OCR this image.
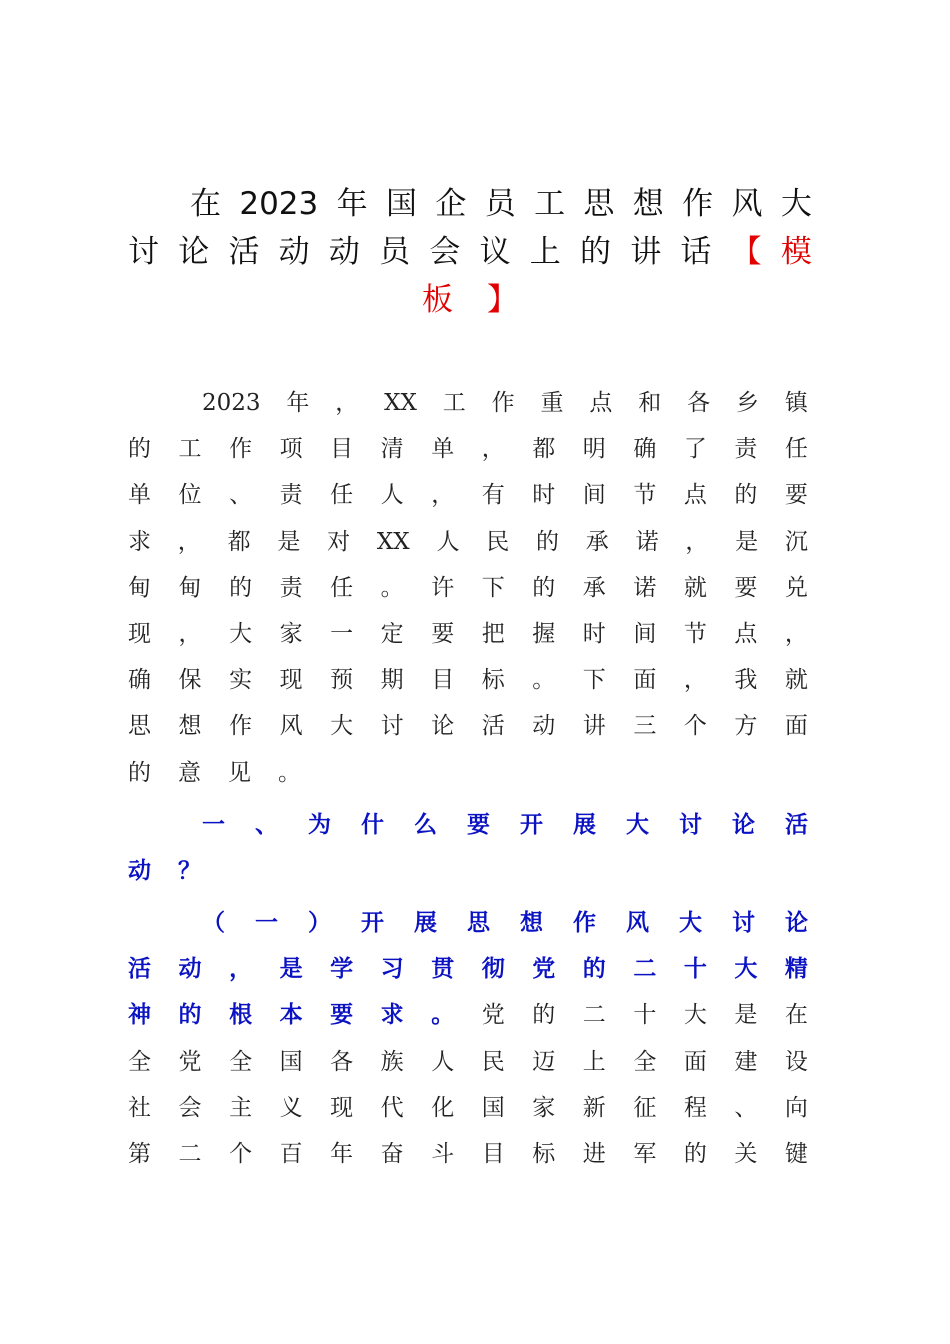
在 2023 年 国 企 员 工 思 想 作 风 大
讨 论 活 动 动 员 会 议 上 的 讲 话 【 模
板 】
2023 年 ， XX 工 作 重 点 和 各 乡 镇
的 工 作 项 目 清 单 ， 都 明 确 了 责 任
单 位 、 责 任 人 ， 有 时 间 节 点 的 要
求 ， 都 是 对 XX 人 民 的 承 诺 ， 是 沉
甸 甸 的 责 任 。 许 下 的 承 诺 就 要 兑
现 ， 大 家 一 定 要 把 握 时 间 节 点 ，
确 保 实 现 预 期 目 标 。 下 面 ， 我 就
思 想 作 风 大 讨 论 活 动 讲 三 个 方 面
的 意 见 。
一 、 为 什 么 要 开 展 大 讨 论 活
动 ？
（ 一 ） 开 展 思 想 作 风 大 讨 论
活 动 ， 是 学 习 贯 彻 党 的 二 十 大 精
神 的 根 本 要 求 。 党 的 二 十 大 是 在
全 党 全 国 各 族 人 民 迈 上 全 面 建 设
社 会 主 义 现 代 化 国 家 新 征 程 、 向
第 二 个 百 年 奋 斗 目 标 进 军 的 关 键
